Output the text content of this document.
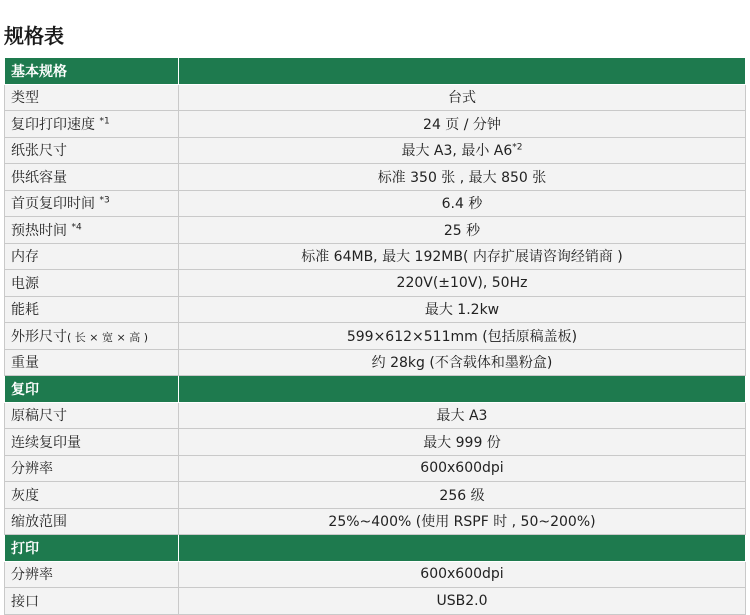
规格表
基本规格	
类型	台式
复印打印速度 $^{*1}$	24 页 / 分钟
纸张尺寸	最大 A3, 最小 A6$^{*2}$
供纸容量	标准 350 张 , 最大 850 张
首页复印时间 $^{*3}$	6.4 秒
预热时间 $^{*4}$	25 秒
内存	标准 64MB, 最大 192MB( 内存扩展请咨询经销商 )
电源	220V(±10V), 50Hz
能耗	最大 1.2kw
外形尺寸( 长 × 宽 × 高 )	599×612×511mm (包括原稿盖板)
重量	约 28kg (不含载体和墨粉盒)
复印	
原稿尺寸	最大 A3
连续复印量	最大 999 份
分辨率	600x600dpi
灰度	256 级
缩放范围	25%~400% (使用 RSPF 时 , 50~200%)
打印	
分辨率	600x600dpi
接口	USB2.0
